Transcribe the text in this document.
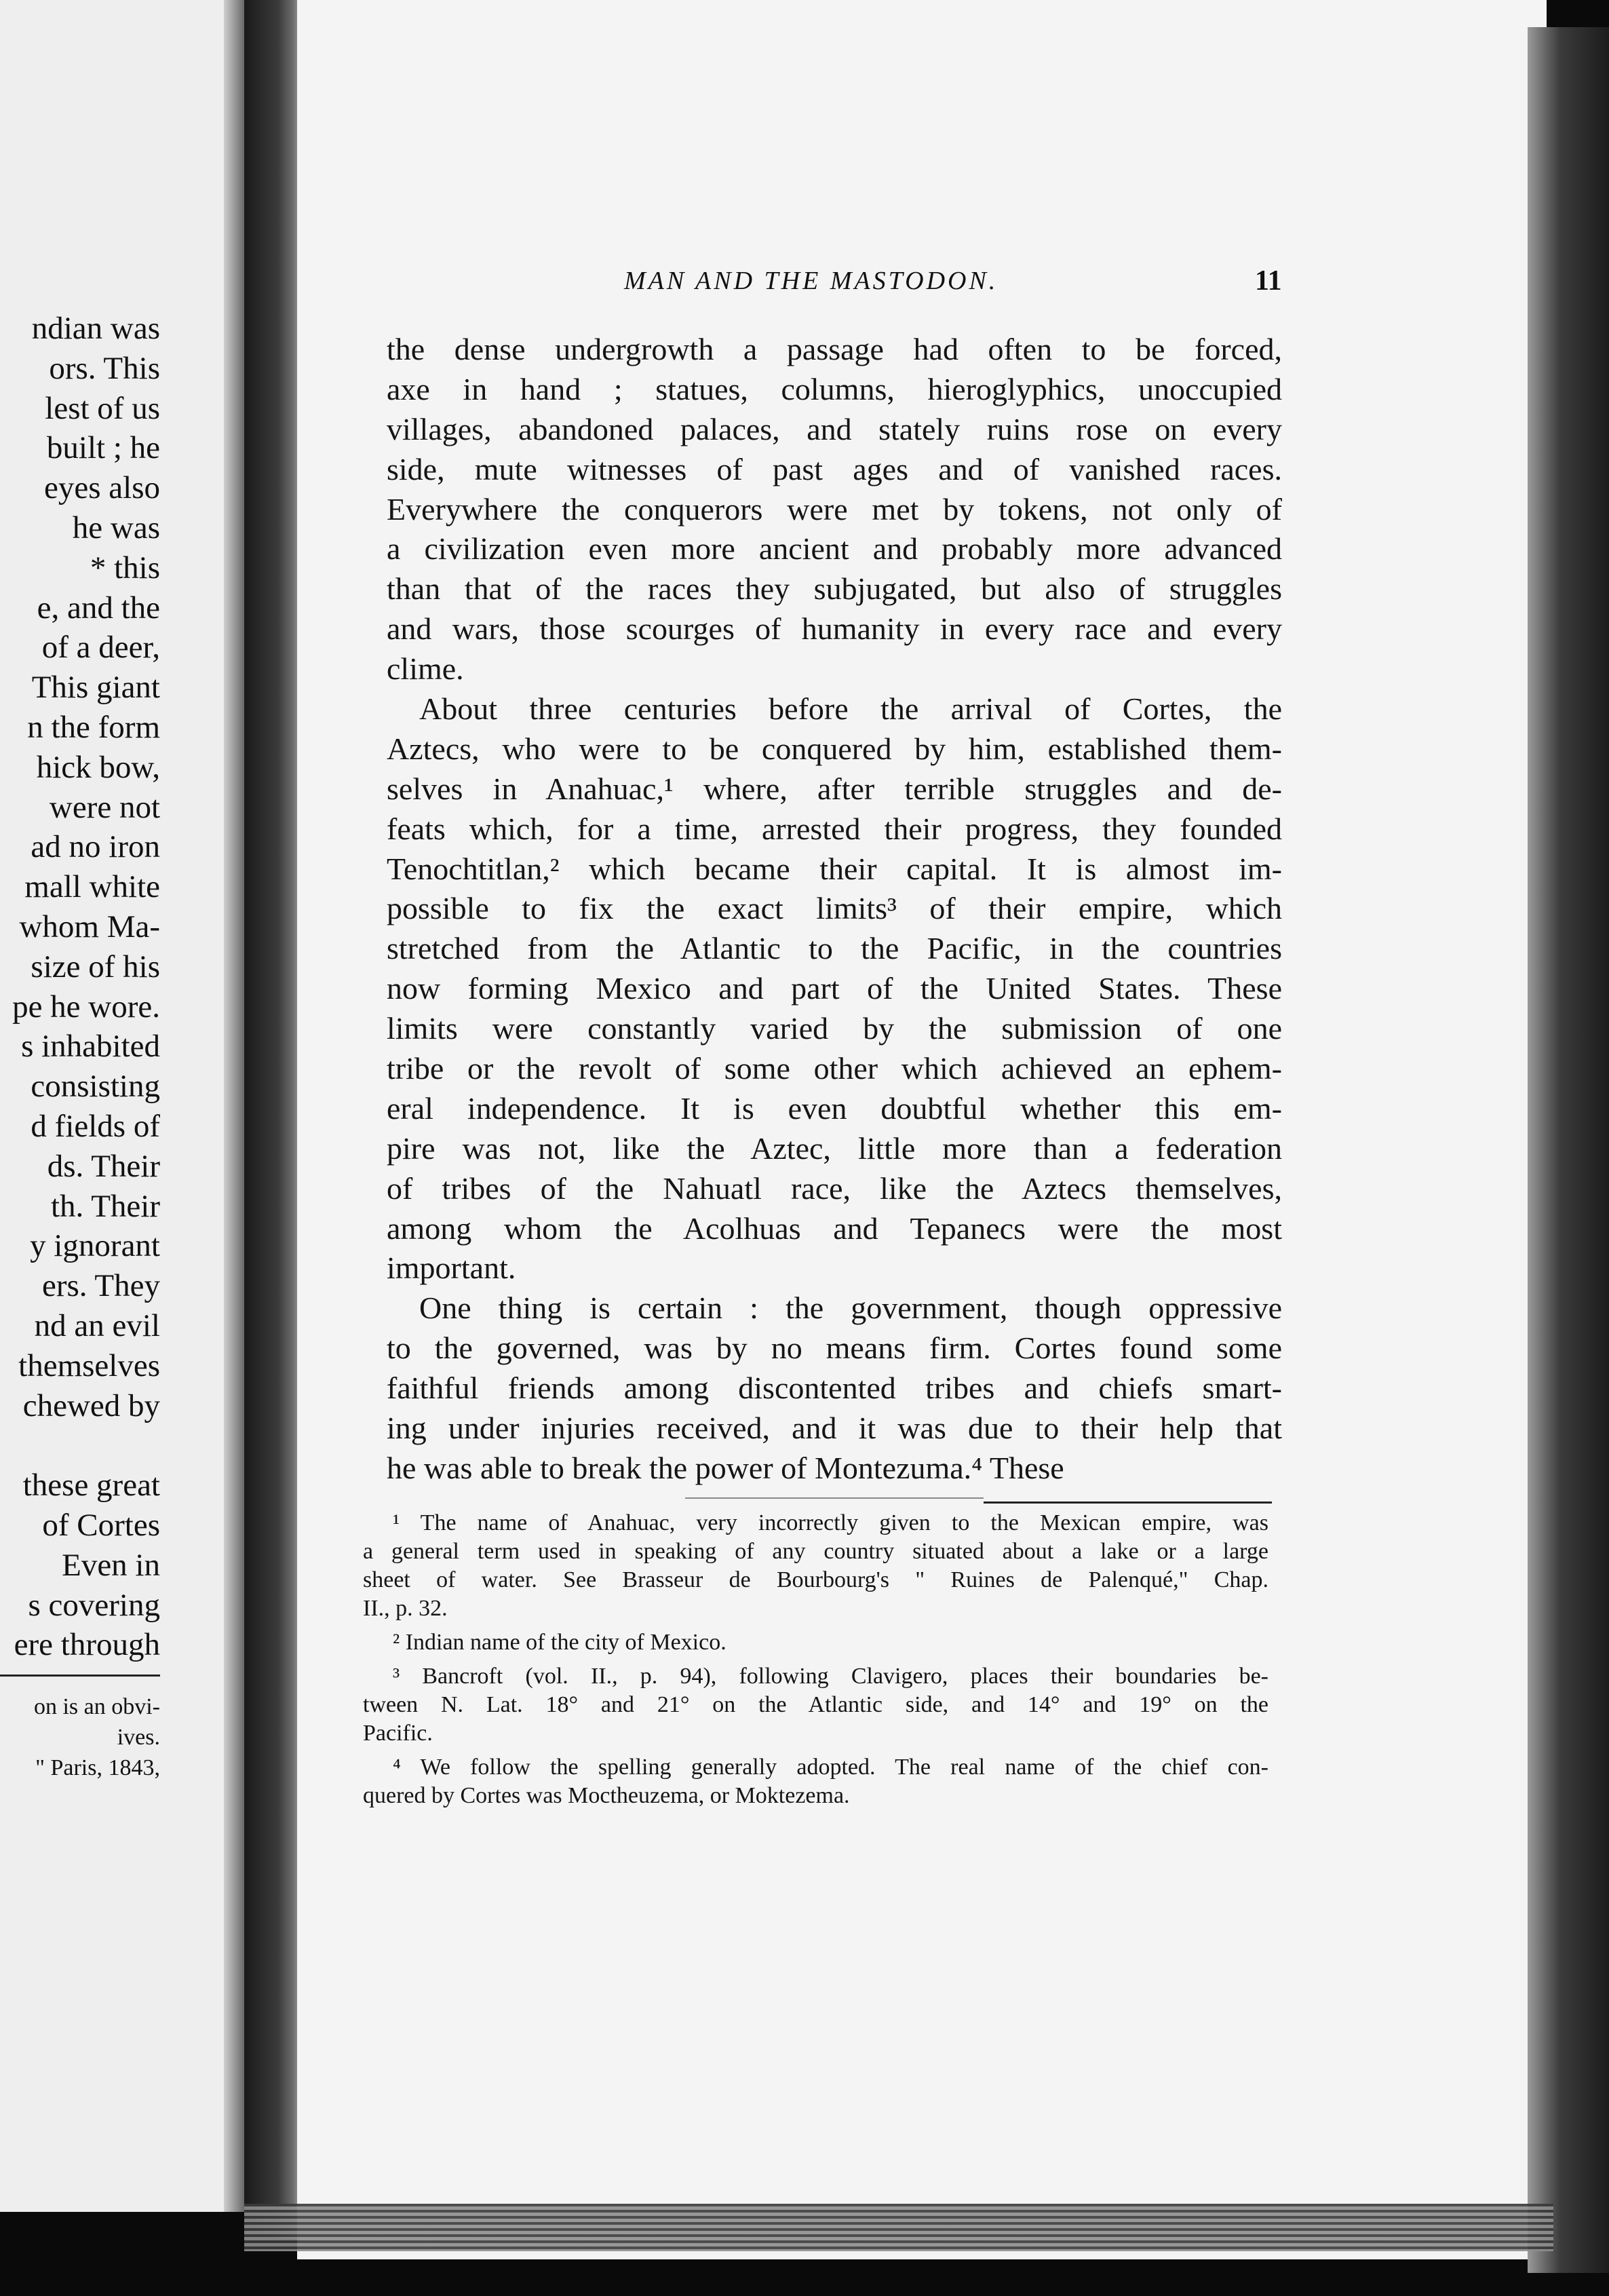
ndian was
ors. This
lest of us
built ; he
eyes also
he was
* this
e, and the
of a deer,
This giant
n the form
hick bow,
were not
ad no iron
mall white
whom Ma-
size of his
pe he wore.
s inhabited
consisting
d fields of
ds. Their
th. Their
y ignorant
ers. They
nd an evil
themselves
chewed by
these great
of Cortes
Even in
s covering
ere through
on is an obvi-
ives.
" Paris, 1843,
MAN AND THE MASTODON.	11
the dense undergrowth a passage had often to be forced,
axe in hand ; statues, columns, hieroglyphics, unoccupied
villages, abandoned palaces, and stately ruins rose on every
side, mute witnesses of past ages and of vanished races.
Everywhere the conquerors were met by tokens, not only of
a civilization even more ancient and probably more advanced
than that of the races they subjugated, but also of struggles
and wars, those scourges of humanity in every race and every
clime.
About three centuries before the arrival of Cortes, the
Aztecs, who were to be conquered by him, established them-
selves in Anahuac,¹ where, after terrible struggles and de-
feats which, for a time, arrested their progress, they founded
Tenochtitlan,² which became their capital. It is almost im-
possible to fix the exact limits³ of their empire, which
stretched from the Atlantic to the Pacific, in the countries
now forming Mexico and part of the United States. These
limits were constantly varied by the submission of one
tribe or the revolt of some other which achieved an ephem-
eral independence. It is even doubtful whether this em-
pire was not, like the Aztec, little more than a federation
of tribes of the Nahuatl race, like the Aztecs themselves,
among whom the Acolhuas and Tepanecs were the most
important.
One thing is certain : the government, though oppressive
to the governed, was by no means firm. Cortes found some
faithful friends among discontented tribes and chiefs smart-
ing under injuries received, and it was due to their help that
he was able to break the power of Montezuma.⁴ These
¹ The name of Anahuac, very incorrectly given to the Mexican empire, was
a general term used in speaking of any country situated about a lake or a large
sheet of water. See Brasseur de Bourbourg's " Ruines de Palenqué," Chap.
II., p. 32.
² Indian name of the city of Mexico.
³ Bancroft (vol. II., p. 94), following Clavigero, places their boundaries be-
tween N. Lat. 18° and 21° on the Atlantic side, and 14° and 19° on the
Pacific.
⁴ We follow the spelling generally adopted. The real name of the chief con-
quered by Cortes was Moctheuzema, or Moktezema.
